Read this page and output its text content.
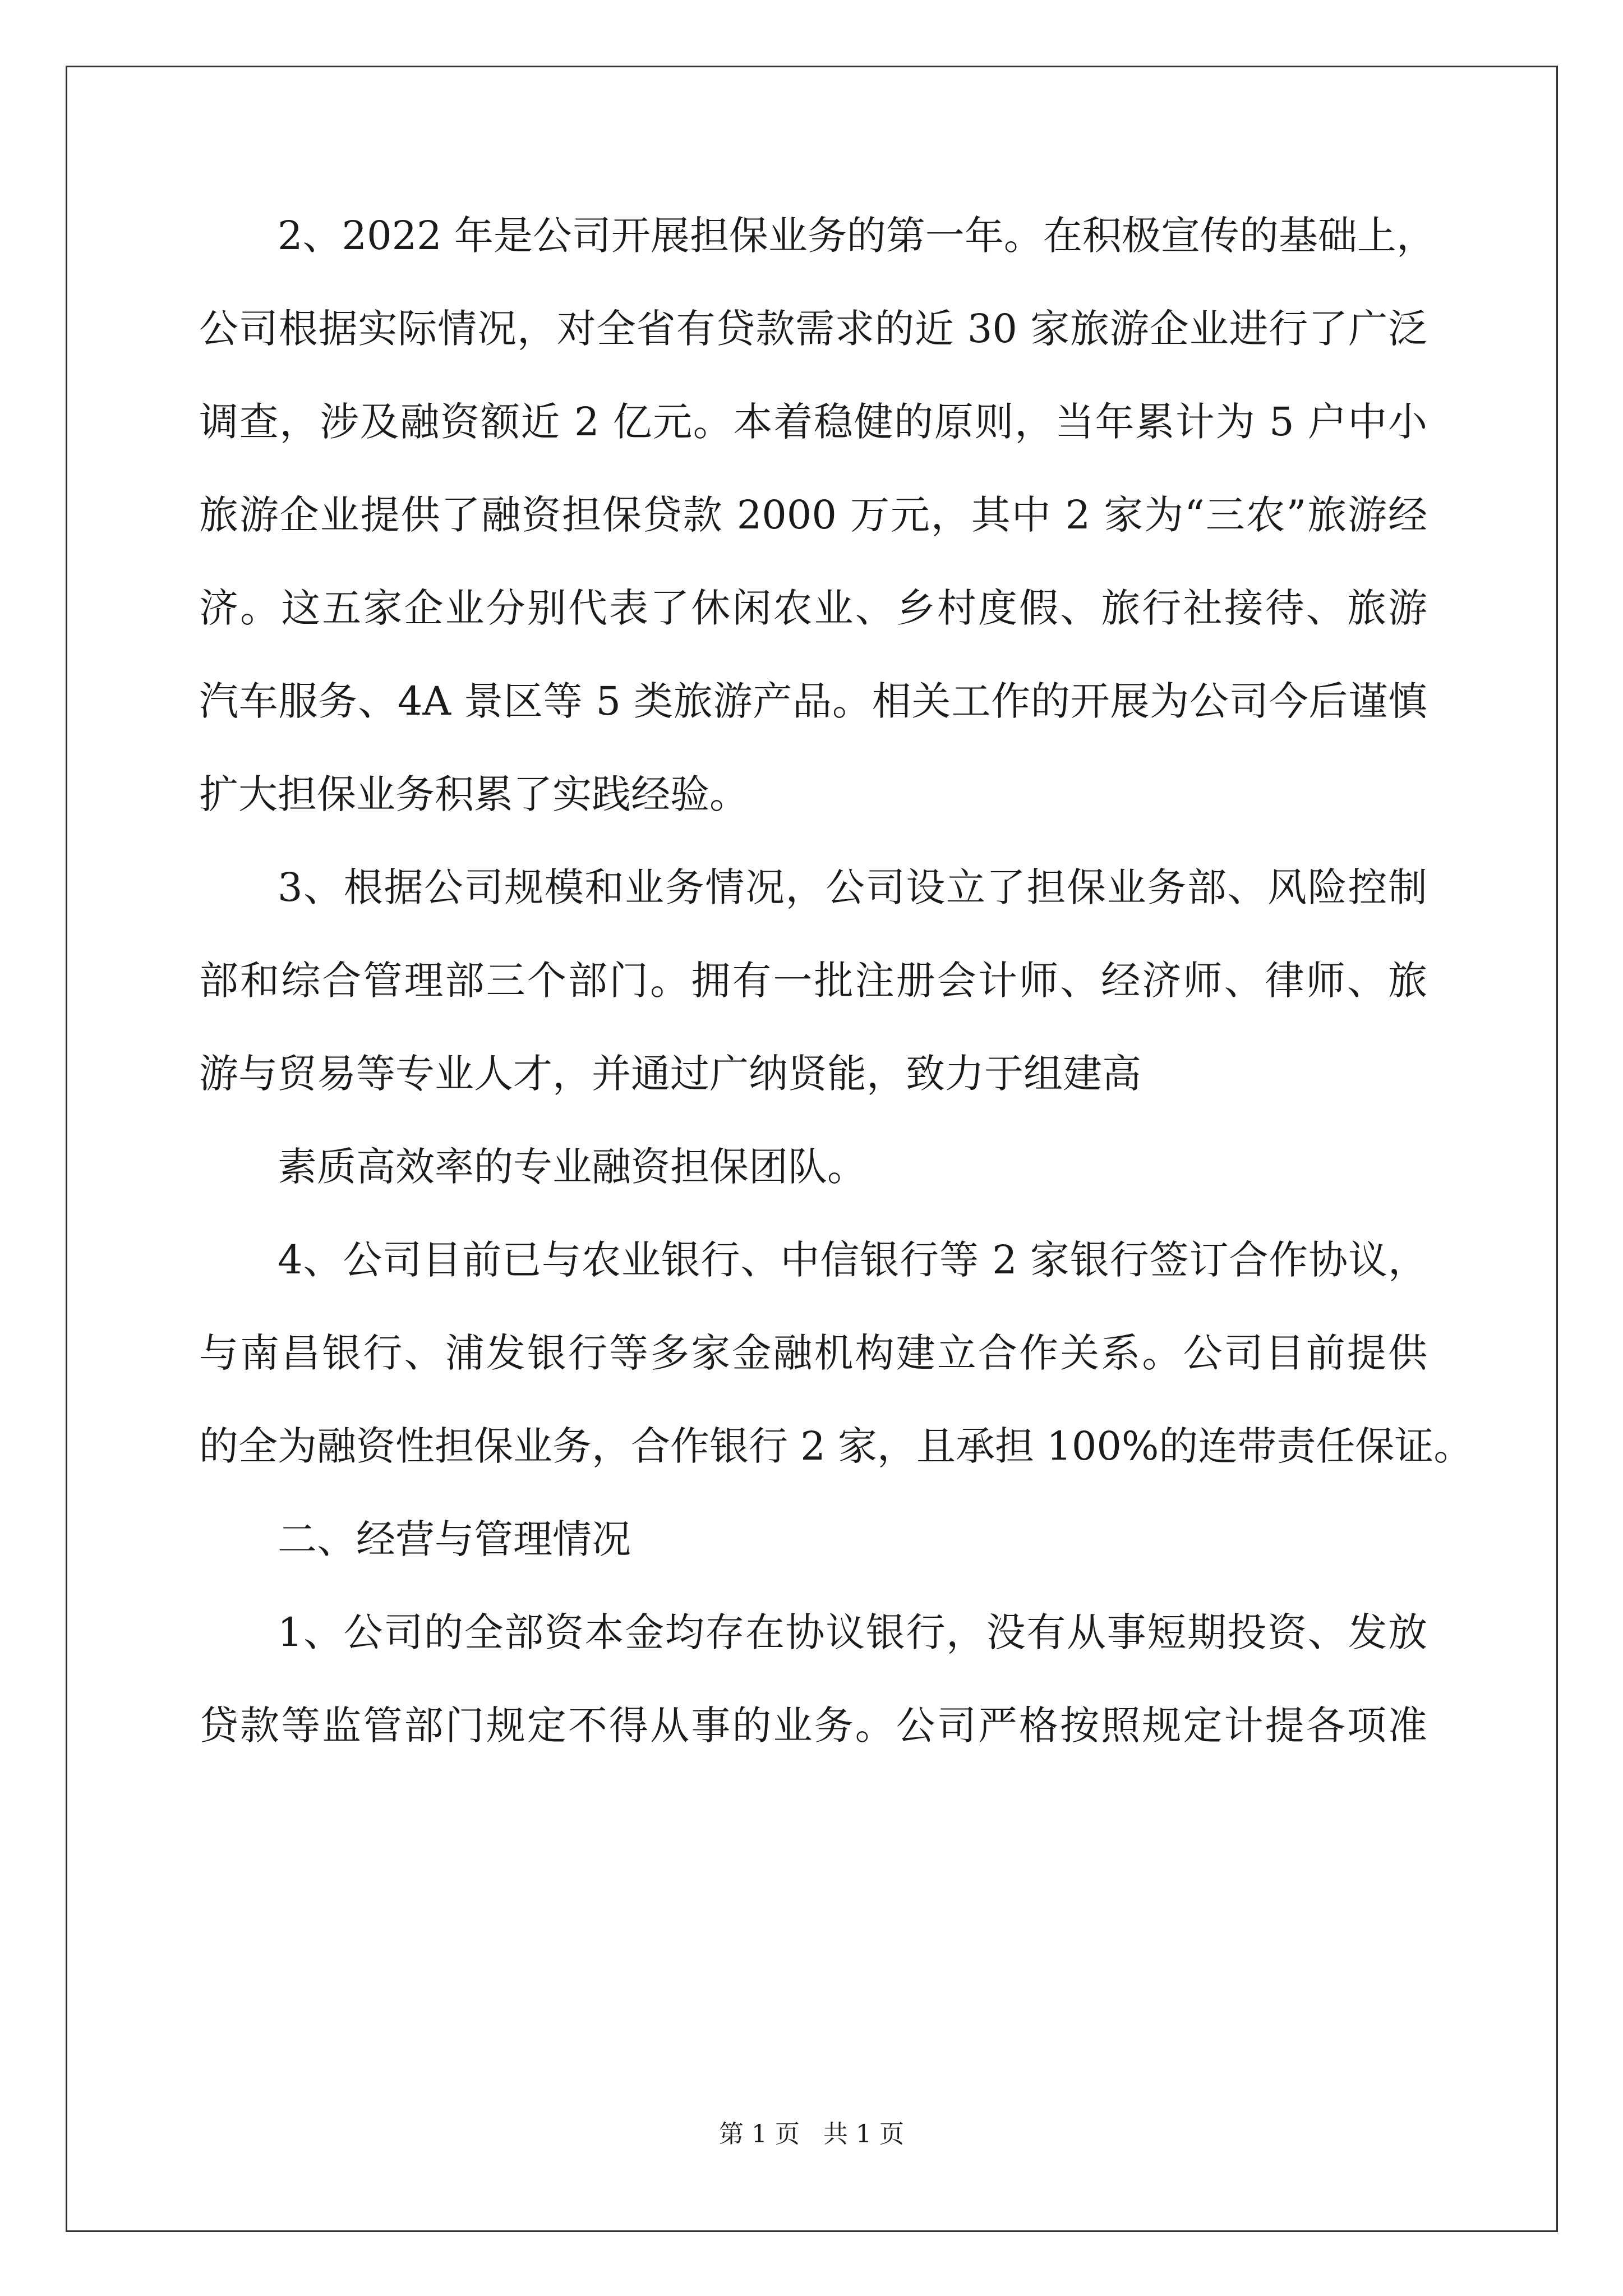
2、2022 年是公司开展担保业务的第一年。在积极宣传的基础上，
公司根据实际情况，对全省有贷款需求的近 30 家旅游企业进行了广泛
调查，涉及融资额近 2 亿元。本着稳健的原则，当年累计为 5 户中小
旅游企业提供了融资担保贷款 2000 万元，其中 2 家为“三农”旅游经
济。这五家企业分别代表了休闲农业、乡村度假、旅行社接待、旅游
汽车服务、4A 景区等 5 类旅游产品。相关工作的开展为公司今后谨慎
扩大担保业务积累了实践经验。
3、根据公司规模和业务情况，公司设立了担保业务部、风险控制
部和综合管理部三个部门。拥有一批注册会计师、经济师、律师、旅
游与贸易等专业人才，并通过广纳贤能，致力于组建高
素质高效率的专业融资担保团队。
4、公司目前已与农业银行、中信银行等 2 家银行签订合作协议，
与南昌银行、浦发银行等多家金融机构建立合作关系。公司目前提供
的全为融资性担保业务，合作银行 2 家，且承担 100%的连带责任保证。
二、经营与管理情况
1、公司的全部资本金均存在协议银行，没有从事短期投资、发放
贷款等监管部门规定不得从事的业务。公司严格按照规定计提各项准
第 1 页   共 1 页
